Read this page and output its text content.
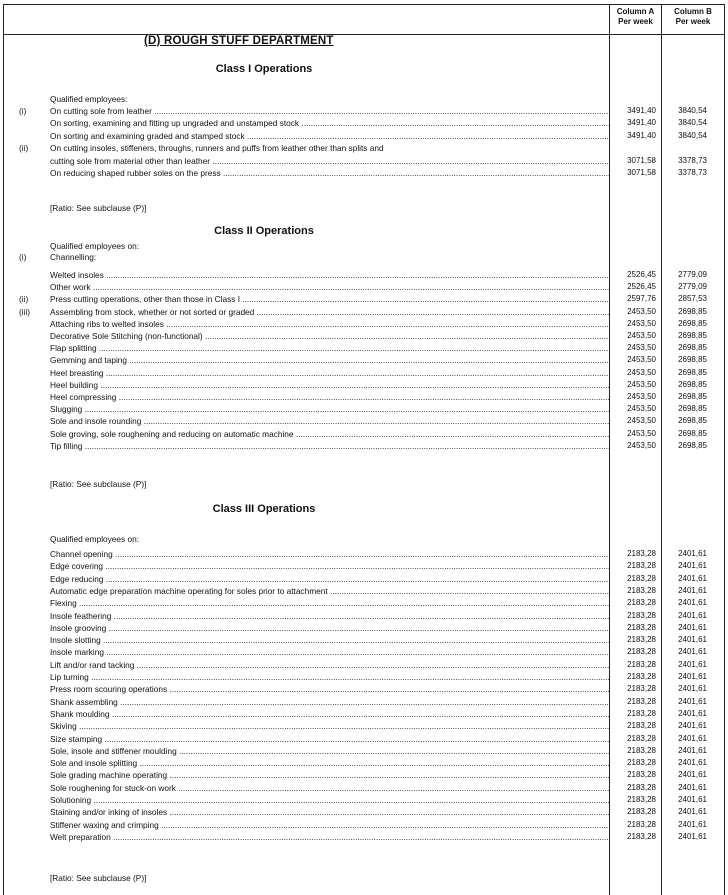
Column A
Per week
Column B
Per week
(D) ROUGH STUFF DEPARTMENT
Class I Operations
Qualified employees:
(i)	On cutting sole from leather .....	3491,40	3840,54
On sorting, examining and fitting up ungraded and unstamped stock .....	3491,40	3840,54
On sorting and examining graded and stamped stock .....	3491,40	3840,54
(ii)	On cutting insoles, stiffeners, throughs, runners and puffs from leather other than splits and
cutting sole from material other than leather .....	3071,58	3378,73
On reducing shaped rubber soles on the press .....	3071,58	3378,73
[Ratio: See subclause (P)]
Class II Operations
Qualified employees on:
(i)	Channelling:
Welted insoles .....	2526,45	2779,09
Other work .....	2526,45	2779,09
(ii)	Press cutting operations, other than those in Class I .....	2597,76	2857,53
(iii) Assembling from stock, whether or not sorted or graded .....	2453,50	2698,85
Attaching ribs to welted insoles .....	2453,50	2698,85
Decorative Sole Stitching (non-functional) .....	2453,50	2698,85
Flap splitting .....	2453,50	2698,85
Gemming and taping .....	2453,50	2698,85
Heel breasting .....	2453,50	2698,85
Heel building .....	2453,50	2698,85
Heel compressing .....	2453,50	2698,85
Slugging .....	2453,50	2698,85
Sole and insole rounding .....	2453,50	2698,85
Sole groving, sole roughening and reducing on automatic machine .....	2453,50	2698,85
Tip filling .....	2453,50	2698,85
[Ratio: See subclause (P)]
Class III Operations
Qualified employees on:
Channel opening .....	2183,28	2401,61
Edge covering .....	2183,28	2401,61
Edge reducing .....	2183,28	2401,61
Automatic edge preparation machine operating for soles prior to attachment .....	2183,28	2401,61
Flexing .....	2183,28	2401,61
Insole feathering .....	2183,28	2401,61
Insole grooving .....	2183,28	2401,61
Insole slotting .....	2183,28	2401,61
Insole marking .....	2183,28	2401,61
Lift and/or rand tacking .....	2183,28	2401,61
Lip turning .....	2183,28	2401,61
Press room scouring operations .....	2183,28	2401,61
Shank assembling .....	2183,28	2401,61
Shank moulding .....	2183,28	2401,61
Skiving .....	2183,28	2401,61
Size stamping .....	2183,28	2401,61
Sole, insole and stiffener moulding .....	2183,28	2401,61
Sole and insole splitting .....	2183,28	2401,61
Sole grading machine operating .....	2183,28	2401,61
Sole roughening for stuck-on work .....	2183,28	2401,61
Solutioning .....	2183,28	2401,61
Staining and/or inking of insoles .....	2183,28	2401,61
Stiffener waxing and crimping .....	2183,28	2401,61
Welt preparation .....	2183,28	2401,61
[Ratio: See subclause (P)]
